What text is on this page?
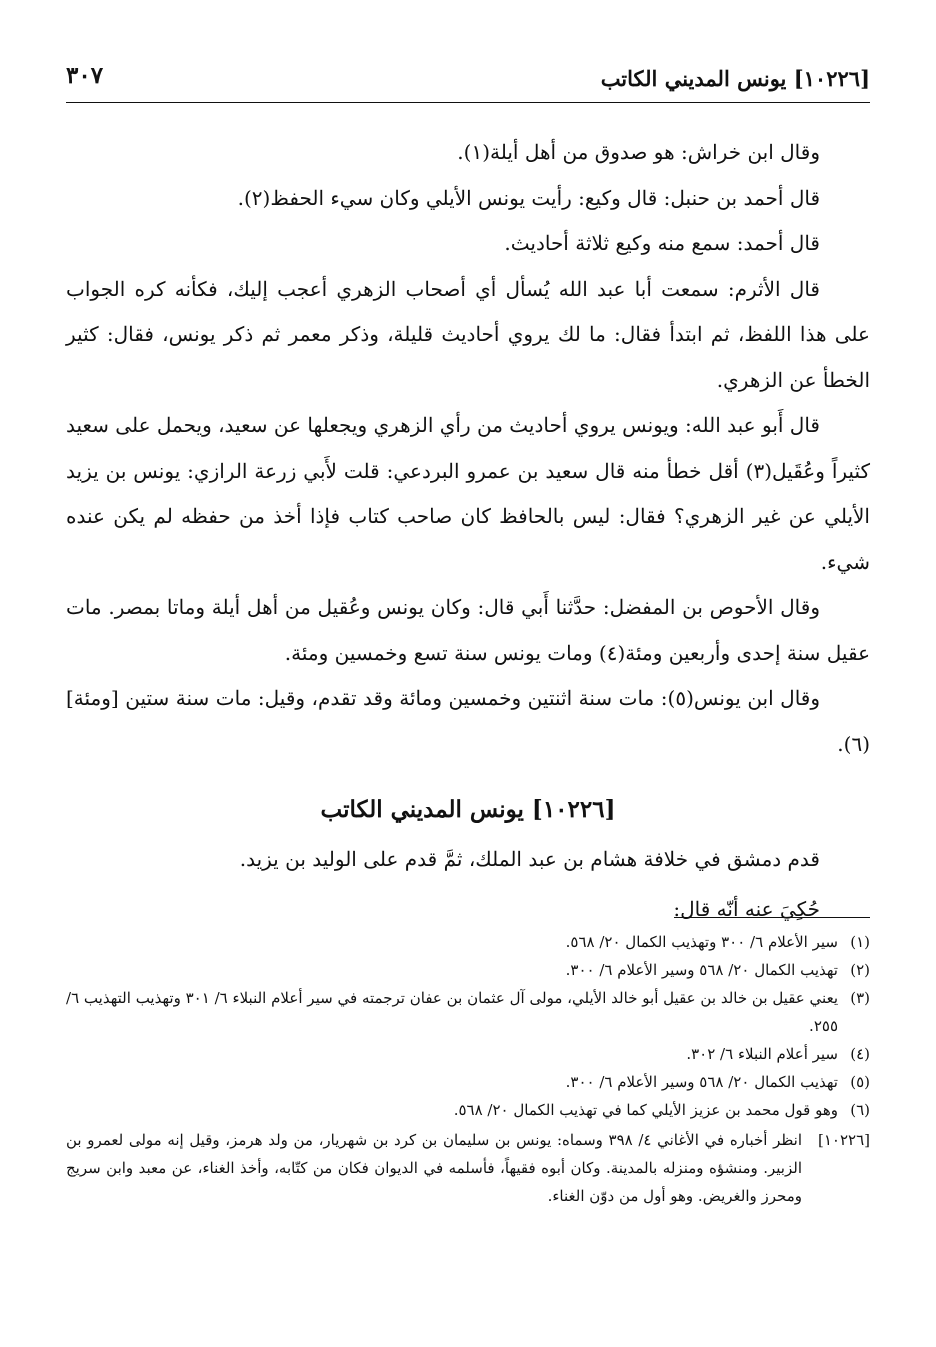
[١٠٢٢٦] يونس المديني الكاتب
٣٠٧

وقال ابن خراش: هو صدوق من أهل أيلة(١).

قال أحمد بن حنبل: قال وكيع: رأيت يونس الأيلي وكان سيء الحفظ(٢).

قال أحمد: سمع منه وكيع ثلاثة أحاديث.

قال الأثرم: سمعت أبا عبد الله يُسأل أي أصحاب الزهري أعجب إليك، فكأنه كره الجواب على هذا اللفظ، ثم ابتدأ فقال: ما لك يروي أحاديث قليلة، وذكر معمر ثم ذكر يونس، فقال: كثير الخطأ عن الزهري.

قال أَبو عبد الله: ويونس يروي أحاديث من رأي الزهري ويجعلها عن سعيد، ويحمل على سعيد كثيراً وعُقَيل(٣) أقل خطأ منه قال سعيد بن عمرو البردعي: قلت لأَبي زرعة الرازي: يونس بن يزيد الأيلي عن غير الزهري؟ فقال: ليس بالحافظ كان صاحب كتاب فإذا أخذ من حفظه لم يكن عنده شيء.

وقال الأحوص بن المفضل: حدَّثنا أَبي قال: وكان يونس وعُقيل من أهل أيلة وماتا بمصر. مات عقيل سنة إحدى وأربعين ومئة(٤) ومات يونس سنة تسع وخمسين ومئة.

وقال ابن يونس(٥): مات سنة اثنتين وخمسين ومائة وقد تقدم، وقيل: مات سنة ستين [ومئة](٦).

[١٠٢٢٦] يونس المديني الكاتب

قدم دمشق في خلافة هشام بن عبد الملك، ثمَّ قدم على الوليد بن يزيد.

حُكِيَ عنه أنّه قال:

(١)
سير الأعلام ٦/ ٣٠٠ وتهذيب الكمال ٢٠/ ٥٦٨.
(٢)
تهذيب الكمال ٢٠/ ٥٦٨ وسير الأعلام ٦/ ٣٠٠.
(٣)
يعني عقيل بن خالد بن عقيل أبو خالد الأيلي، مولى آل عثمان بن عفان ترجمته في سير أعلام النبلاء ٦/ ٣٠١ وتهذيب التهذيب ٦/ ٢٥٥.
(٤)
سير أعلام النبلاء ٦/ ٣٠٢.
(٥)
تهذيب الكمال ٢٠/ ٥٦٨ وسير الأعلام ٦/ ٣٠٠.
(٦)
وهو قول محمد بن عزيز الأيلي كما في تهذيب الكمال ٢٠/ ٥٦٨.
[١٠٢٢٦]
انظر أخباره في الأغاني ٤/ ٣٩٨ وسماه: يونس بن سليمان بن كرد بن شهريار، من ولد هرمز، وقيل إنه مولى لعمرو بن الزبير. ومنشؤه ومنزله بالمدينة. وكان أبوه فقيهاً، فأسلمه في الديوان فكان من كتّابه، وأخذ الغناء، عن معبد وابن سريج ومحرز والغريض. وهو أول من دوّن الغناء.
